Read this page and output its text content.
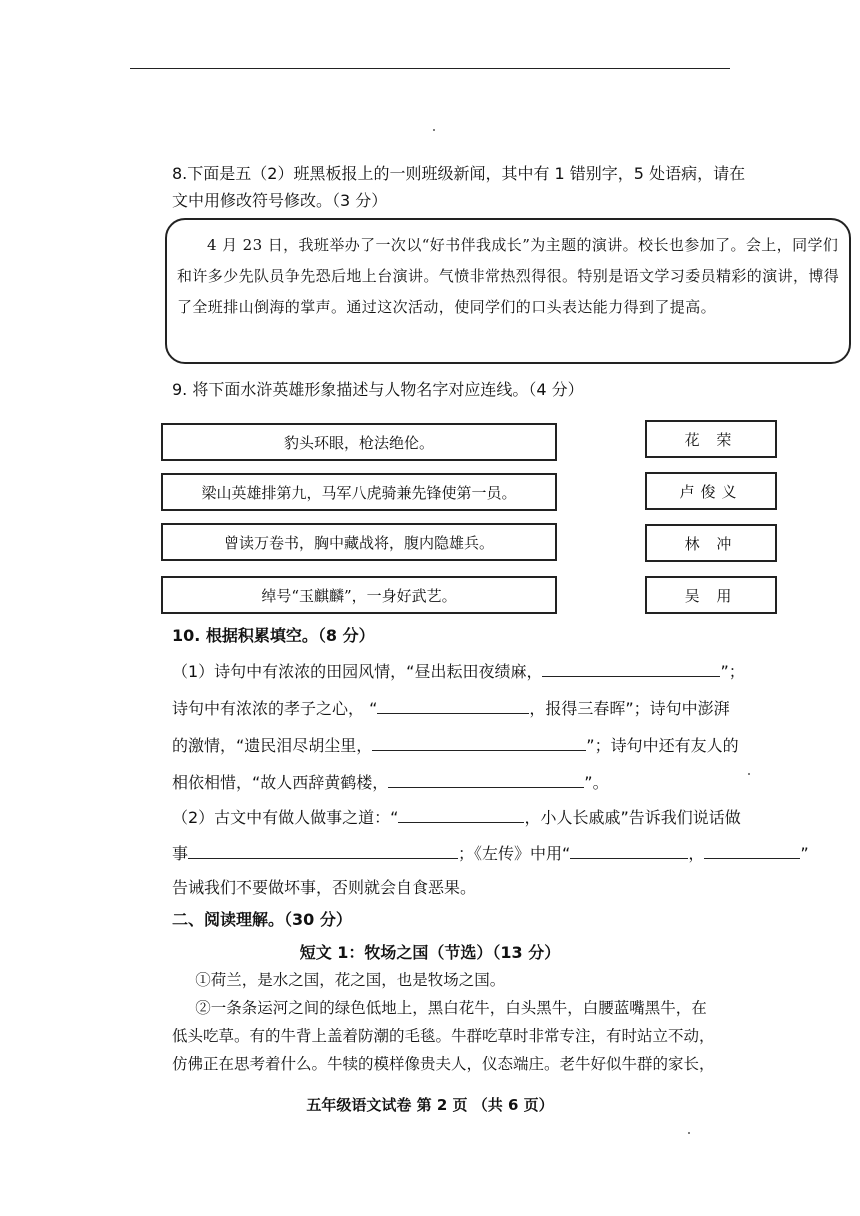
8.下面是五（2）班黑板报上的一则班级新闻，其中有 1 错别字，5 处语病，请在
文中用修改符号修改。（3 分）
4 月 23 日，我班举办了一次以“好书伴我成长”为主题的演讲。校长也参加了。会上，同学们和许多少先队员争先恐后地上台演讲。气愤非常热烈得很。特别是语文学习委员精彩的演讲，博得了全班排山倒海的掌声。通过这次活动，使同学们的口头表达能力得到了提高。
9. 将下面水浒英雄形象描述与人物名字对应连线。（4 分）
豹头环眼，枪法绝伦。
梁山英雄排第九，马军八虎骑兼先锋使第一员。
曾读万卷书，胸中藏战将，腹内隐雄兵。
绰号“玉麒麟”，一身好武艺。
花 荣
卢俊义
林 冲
吴 用
10. 根据积累填空。（8 分）
（1）诗句中有浓浓的田园风情，“昼出耘田夜绩麻，	”；
诗句中有浓浓的孝子之心， “	，报得三春晖”；诗句中澎湃
的激情，“遗民泪尽胡尘里，	”；诗句中还有友人的
相依相惜，“故人西辞黄鹤楼，	”。
（2）古文中有做人做事之道：“	，小人长戚戚”告诉我们说话做
事	；《左传》中用“	，	”
告诫我们不要做坏事，否则就会自食恶果。
二、阅读理解。（30 分）
短文 1：牧场之国（节选）（13 分）
①荷兰，是水之国，花之国，也是牧场之国。
②一条条运河之间的绿色低地上，黑白花牛，白头黑牛，白腰蓝嘴黑牛，在
低头吃草。有的牛背上盖着防潮的毛毯。牛群吃草时非常专注，有时站立不动，
仿佛正在思考着什么。牛犊的模样像贵夫人，仪态端庄。老牛好似牛群的家长，
五年级语文试卷 第 2 页 （共 6 页）
